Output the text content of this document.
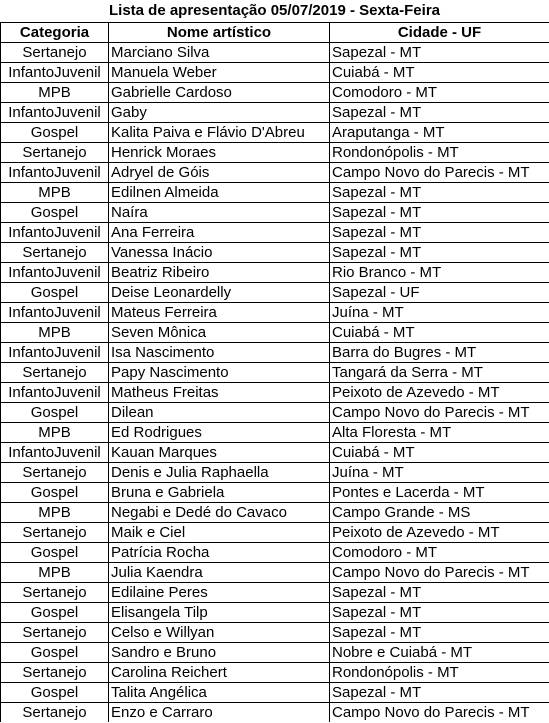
Lista de apresentação 05/07/2019 - Sexta-Feira
Categoria	Nome artístico	Cidade - UF
Sertanejo	Marciano Silva	Sapezal - MT
InfantoJuvenil	Manuela Weber	Cuiabá - MT
MPB	Gabrielle Cardoso	Comodoro - MT
InfantoJuvenil	Gaby	Sapezal - MT
Gospel	Kalita Paiva e Flávio D'Abreu	Araputanga - MT
Sertanejo	Henrick Moraes	Rondonópolis - MT
InfantoJuvenil	Adryel de Góis	Campo Novo do Parecis - MT
MPB	Edilnen Almeida	Sapezal - MT
Gospel	Naíra	Sapezal - MT
InfantoJuvenil	Ana Ferreira	Sapezal - MT
Sertanejo	Vanessa Inácio	Sapezal - MT
InfantoJuvenil	Beatriz Ribeiro	Rio Branco - MT
Gospel	Deise Leonardelly	Sapezal - UF
InfantoJuvenil	Mateus Ferreira	Juína - MT
MPB	Seven Mônica	Cuiabá - MT
InfantoJuvenil	Isa Nascimento	Barra do Bugres - MT
Sertanejo	Papy Nascimento	Tangará da Serra - MT
InfantoJuvenil	Matheus Freitas	Peixoto de Azevedo - MT
Gospel	Dilean	Campo Novo do Parecis - MT
MPB	Ed Rodrigues	Alta Floresta - MT
InfantoJuvenil	Kauan Marques	Cuiabá - MT
Sertanejo	Denis e Julia Raphaella	Juína - MT
Gospel	Bruna e Gabriela	Pontes e Lacerda - MT
MPB	Negabi e Dedé do Cavaco	Campo Grande - MS
Sertanejo	Maik e Ciel	Peixoto de Azevedo - MT
Gospel	Patrícia Rocha	Comodoro - MT
MPB	Julia Kaendra	Campo Novo do Parecis - MT
Sertanejo	Edilaine Peres	Sapezal - MT
Gospel	Elisangela Tilp	Sapezal - MT
Sertanejo	Celso e Willyan	Sapezal - MT
Gospel	Sandro e Bruno	Nobre e Cuiabá - MT
Sertanejo	Carolina Reichert	Rondonópolis - MT
Gospel	Talita Angélica	Sapezal - MT
Sertanejo	Enzo e Carraro	Campo Novo do Parecis - MT
